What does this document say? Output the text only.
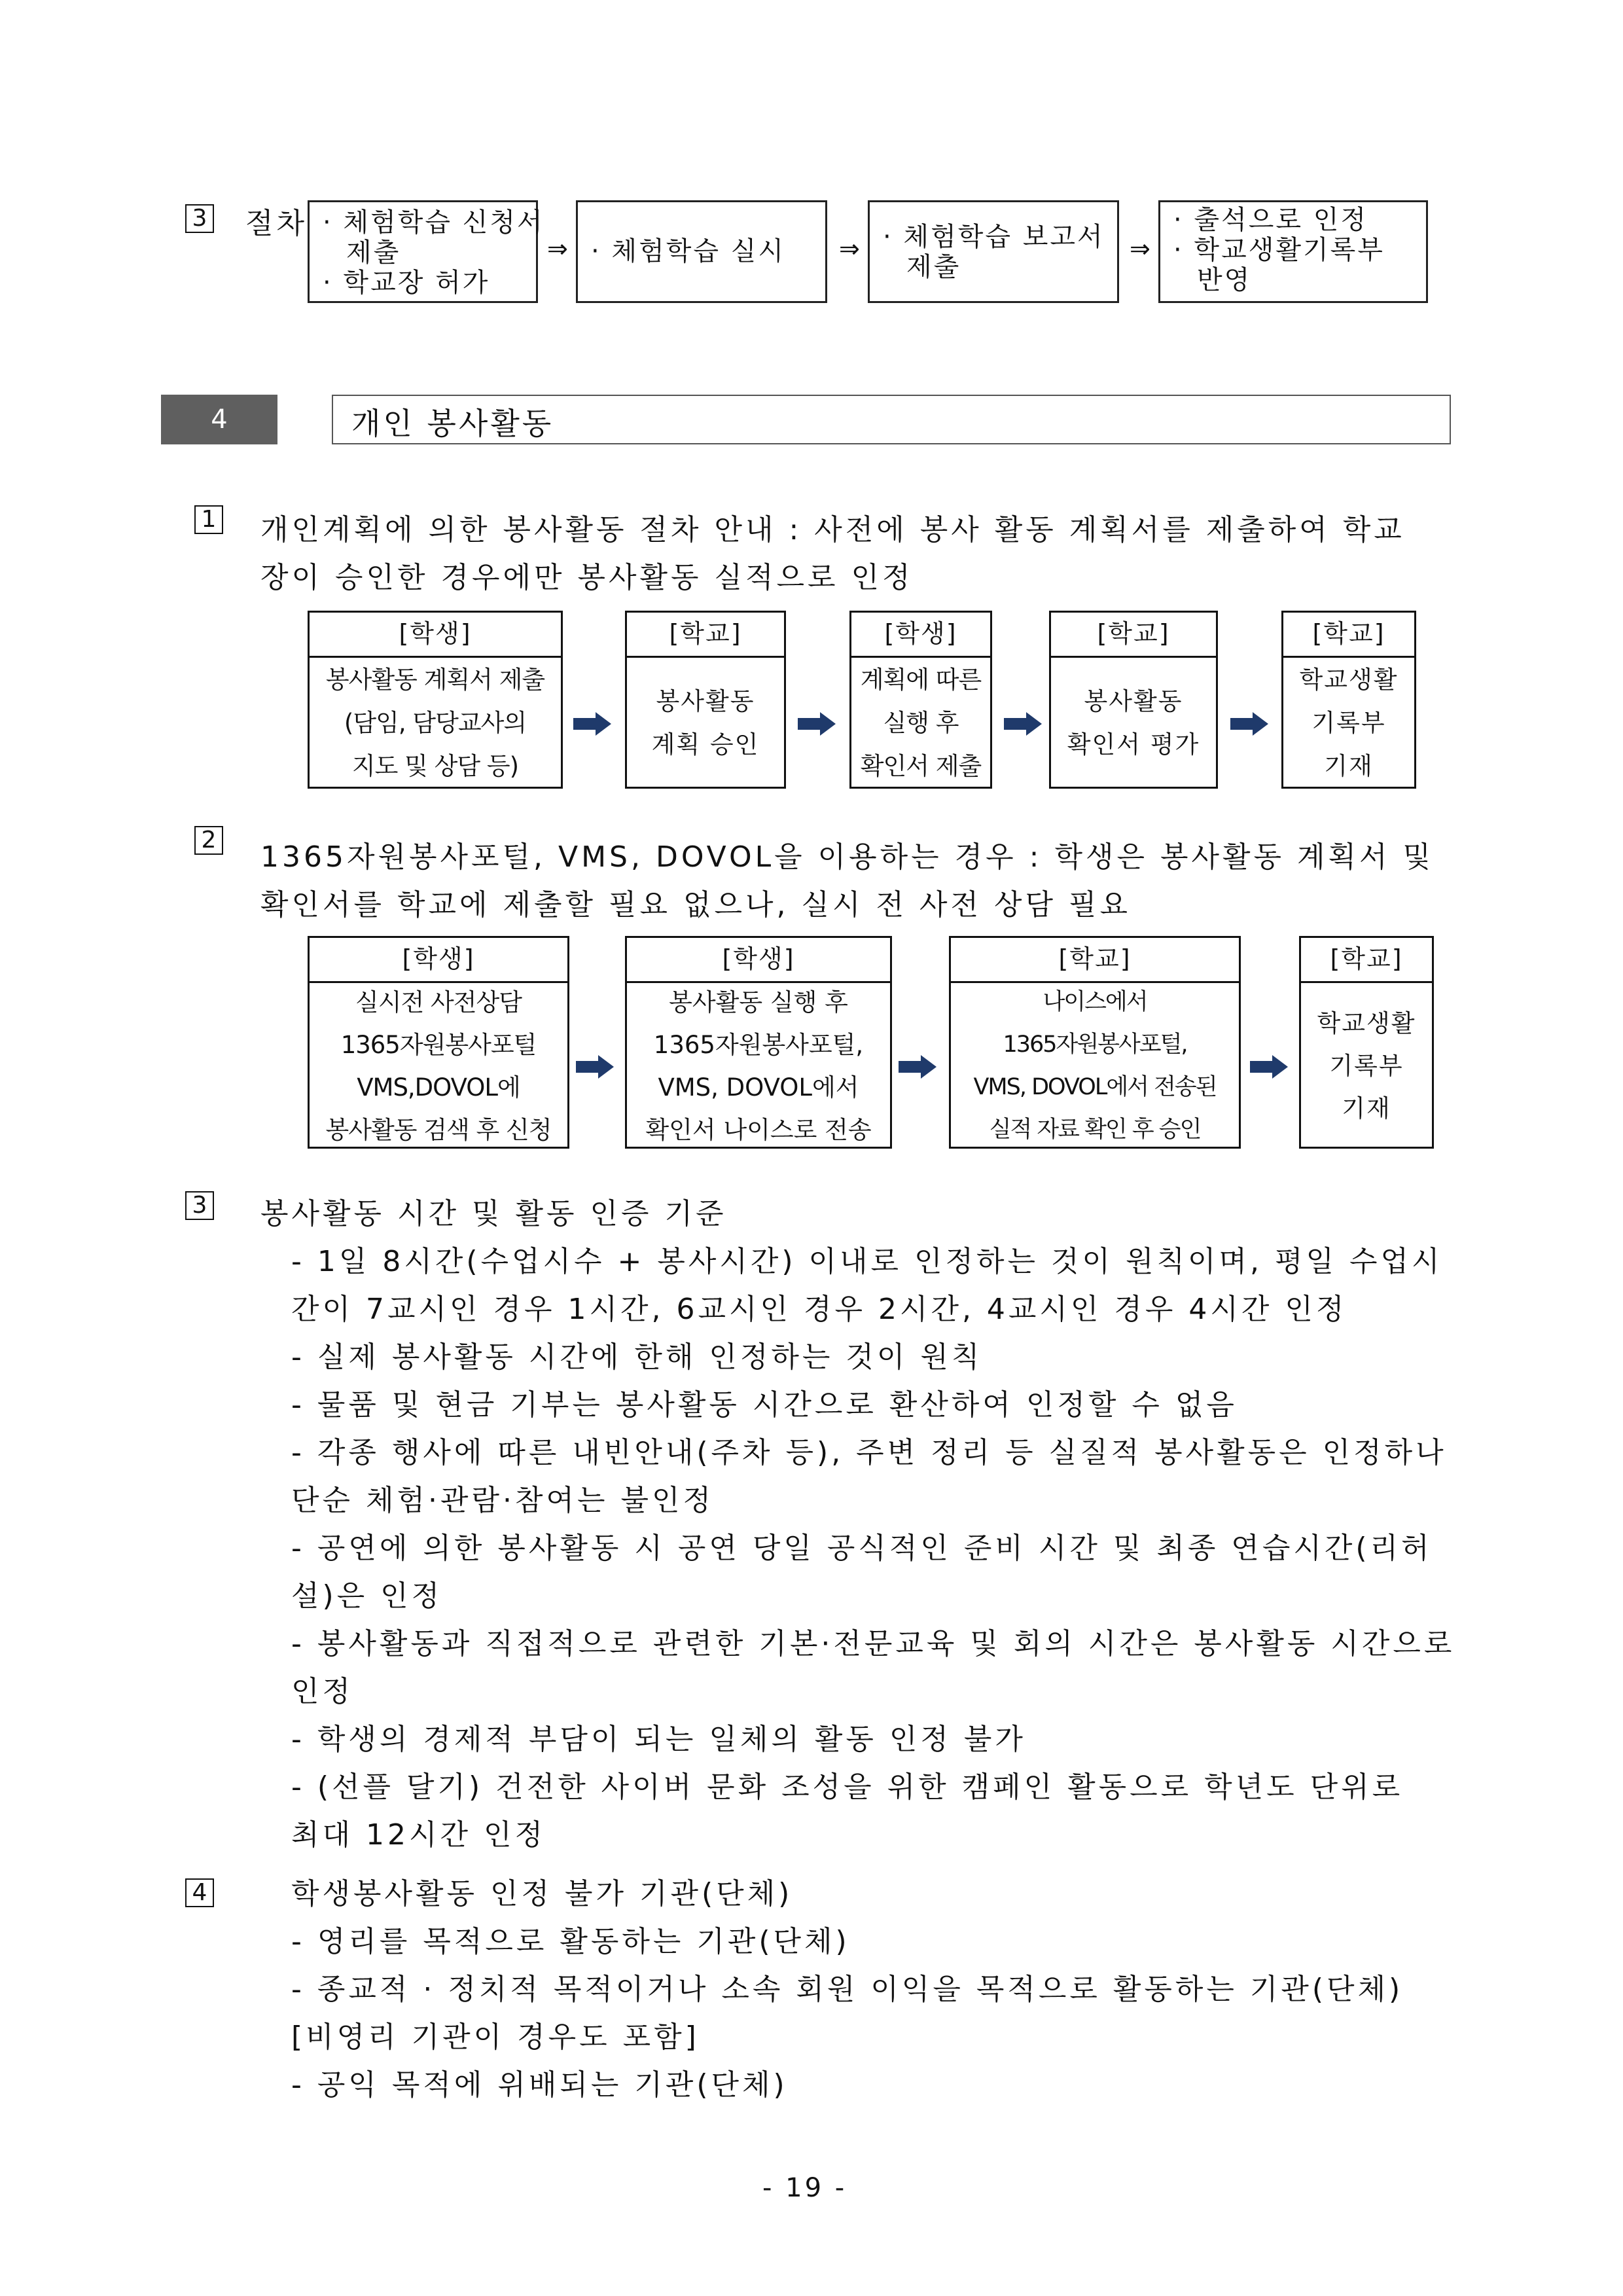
3 절차 · 체험학습 신청서
제출
· 학교장 허가
⇒ · 체험학습 실시	⇒ · 체험학습 보고서
제출
⇒
· 출석으로 인정
· 학교생활기록부
반영
4	개인 봉사활동
1 개인계획에 의한 봉사활동 절차 안내 : 사전에 봉사 활동 계획서를 제출하여 학교
장이 승인한 경우에만 봉사활동 실적으로 인정
[학생]
봉사활동 계획서 제출
(담임, 담당교사의
지도 및 상담 등)
[학교]
봉사활동
계획 승인
[학생]
계획에 따른
실행 후
확인서 제출
[학교]
봉사활동
확인서 평가
[학교]
학교생활
기록부
기재
2
1365자원봉사포털, VMS, DOVOL을 이용하는 경우 : 학생은 봉사활동 계획서 및
확인서를 학교에 제출할 필요 없으나, 실시 전 사전 상담 필요
[학생]
실시전 사전상담
1365자원봉사포털
VMS,DOVOL에
봉사활동 검색 후 신청
[학생]
봉사활동 실행 후
1365자원봉사포털,
VMS, DOVOL에서
확인서 나이스로 전송
[학교]
나이스에서
1365자원봉사포털,
VMS, DOVOL에서 전송된
실적 자료 확인 후 승인
[학교]
학교생활
기록부
기재
3 봉사활동 시간 및 활동 인증 기준
- 1일 8시간(수업시수 + 봉사시간) 이내로 인정하는 것이 원칙이며, 평일 수업시
간이 7교시인 경우 1시간, 6교시인 경우 2시간, 4교시인 경우 4시간 인정
- 실제 봉사활동 시간에 한해 인정하는 것이 원칙
- 물품 및 현금 기부는 봉사활동 시간으로 환산하여 인정할 수 없음
- 각종 행사에 따른 내빈안내(주차 등), 주변 정리 등 실질적 봉사활동은 인정하나
단순 체험·관람·참여는 불인정
- 공연에 의한 봉사활동 시 공연 당일 공식적인 준비 시간 및 최종 연습시간(리허
설)은 인정
- 봉사활동과 직접적으로 관련한 기본·전문교육 및 회의 시간은 봉사활동 시간으로
인정
- 학생의 경제적 부담이 되는 일체의 활동 인정 불가
- (선플 달기) 건전한 사이버 문화 조성을 위한 캠페인 활동으로 학년도 단위로
최대 12시간 인정
4	학생봉사활동 인정 불가 기관(단체)
- 영리를 목적으로 활동하는 기관(단체)
- 종교적 · 정치적 목적이거나 소속 회원 이익을 목적으로 활동하는 기관(단체)
[비영리 기관이 경우도 포함]
- 공익 목적에 위배되는 기관(단체)
- 19 -
